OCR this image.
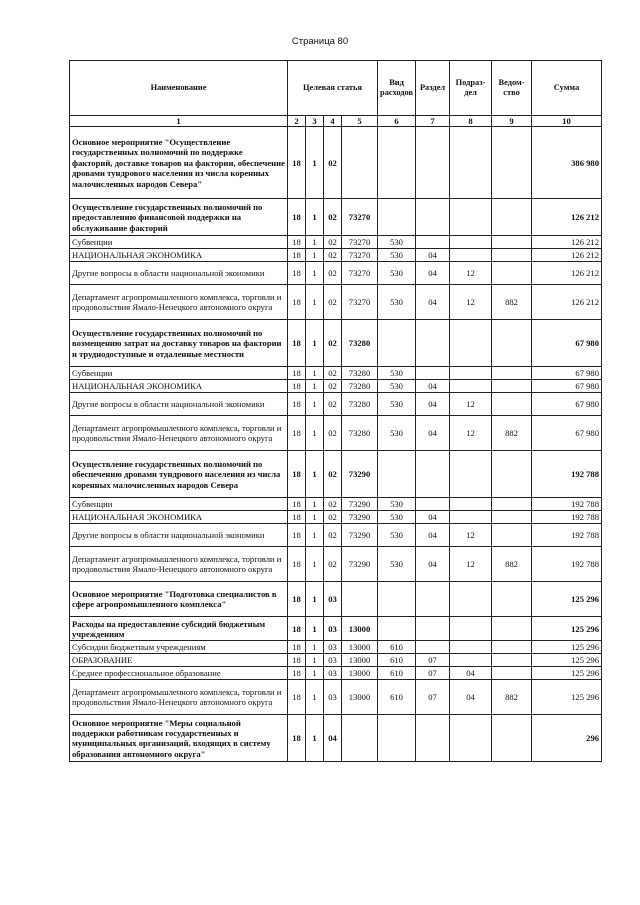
Страница 80
Наименование	Целевая статья				Вид расходов	Раздел	Подраз-дел	Ведом-ство	Сумма
1	2	3	4	5	6	7	8	9	10
Основное мероприятие "Осуществление государственных полномочий по поддержке факторий, доставке товаров на фактории, обеспечение дровами тундрового населения из числа коренных малочисленных народов Севера"	18	1	02						386 980
Осуществление государственных полномочий по предоставлению финансовой поддержки на обслуживание факторий	18	1	02	73270					126 212
Субвенции	18	1	02	73270	530				126 212
НАЦИОНАЛЬНАЯ ЭКОНОМИКА	18	1	02	73270	530	04			126 212
Другие вопросы в области национальной экономики	18	1	02	73270	530	04	12		126 212
Департамент агропромышленного комплекса, торговли и продовольствия Ямало-Ненецкого автономного округа	18	1	02	73270	530	04	12	882	126 212
Осуществление государственных полномочий по возмещению затрат на доставку товаров на фактории и труднодоступные и отдаленные местности	18	1	02	73280					67 980
Субвенции	18	1	02	73280	530				67 980
НАЦИОНАЛЬНАЯ ЭКОНОМИКА	18	1	02	73280	530	04			67 980
Другие вопросы в области национальной экономики	18	1	02	73280	530	04	12		67 980
Департамент агропромышленного комплекса, торговли и продовольствия Ямало-Ненецкого автономного округа	18	1	02	73280	530	04	12	882	67 980
Осуществление государственных полномочий по обеспечению дровами тундрового населения из числа коренных малочисленных народов Севера	18	1	02	73290					192 788
Субвенции	18	1	02	73290	530				192 788
НАЦИОНАЛЬНАЯ ЭКОНОМИКА	18	1	02	73290	530	04			192 788
Другие вопросы в области национальной экономики	18	1	02	73290	530	04	12		192 788
Департамент агропромышленного комплекса, торговли и продовольствия Ямало-Ненецкого автономного округа	18	1	02	73290	530	04	12	882	192 788
Основное мероприятие "Подготовка специалистов в сфере агропромышленного комплекса"	18	1	03						125 296
Расходы на предоставление субсидий бюджетным учреждениям	18	1	03	13000					125 296
Субсидии бюджетным учреждениям	18	1	03	13000	610				125 296
ОБРАЗОВАНИЕ	18	1	03	13000	610	07			125 296
Среднее профессиональное образование	18	1	03	13000	610	07	04		125 296
Департамент агропромышленного комплекса, торговли и продовольствия Ямало-Ненецкого автономного округа	18	1	03	13000	610	07	04	882	125 296
Основное мероприятие "Меры социальной поддержки работникам государственных и муниципальных организаций, входящих в систему образования автономного округа"	18	1	04						296
